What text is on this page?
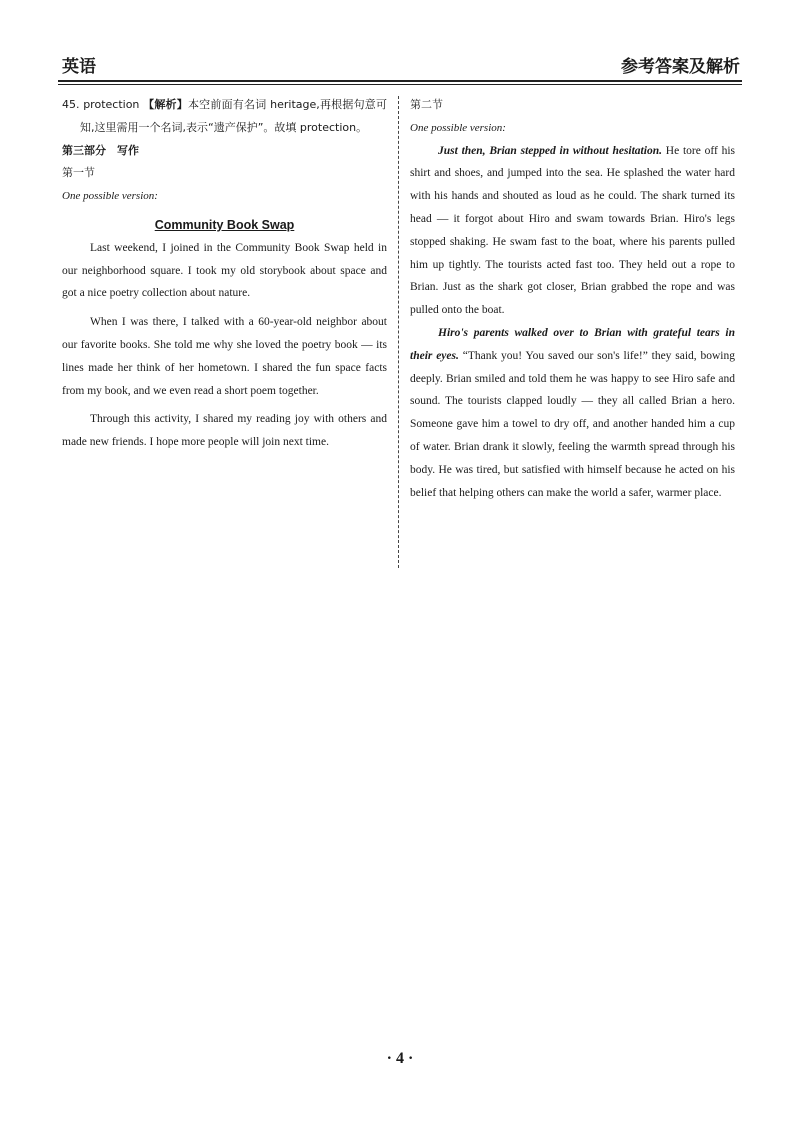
英语	参考答案及解析

45. protection 【解析】本空前面有名词 heritage,再根据句意可知,这里需用一个名词,表示“遗产保护”。故填 protection。

第三部分　写作

第一节

One possible version:

Community Book Swap

Last weekend, I joined in the Community Book Swap held in our neighborhood square. I took my old storybook about space and got a nice poetry collection about nature.

When I was there, I talked with a 60-year-old neighbor about our favorite books. She told me why she loved the poetry book — its lines made her think of her hometown. I shared the fun space facts from my book, and we even read a short poem together.

Through this activity, I shared my reading joy with others and made new friends. I hope more people will join next time.

第二节

One possible version:

Just then, Brian stepped in without hesitation. He tore off his shirt and shoes, and jumped into the sea. He splashed the water hard with his hands and shouted as loud as he could. The shark turned its head — it forgot about Hiro and swam towards Brian. Hiro's legs stopped shaking. He swam fast to the boat, where his parents pulled him up tightly. The tourists acted fast too. They held out a rope to Brian. Just as the shark got closer, Brian grabbed the rope and was pulled onto the boat.

Hiro's parents walked over to Brian with grateful tears in their eyes. “Thank you! You saved our son's life!” they said, bowing deeply. Brian smiled and told them he was happy to see Hiro safe and sound. The tourists clapped loudly — they all called Brian a hero. Someone gave him a towel to dry off, and another handed him a cup of water. Brian drank it slowly, feeling the warmth spread through his body. He was tired, but satisfied with himself because he acted on his belief that helping others can make the world a safer, warmer place.

· 4 ·
